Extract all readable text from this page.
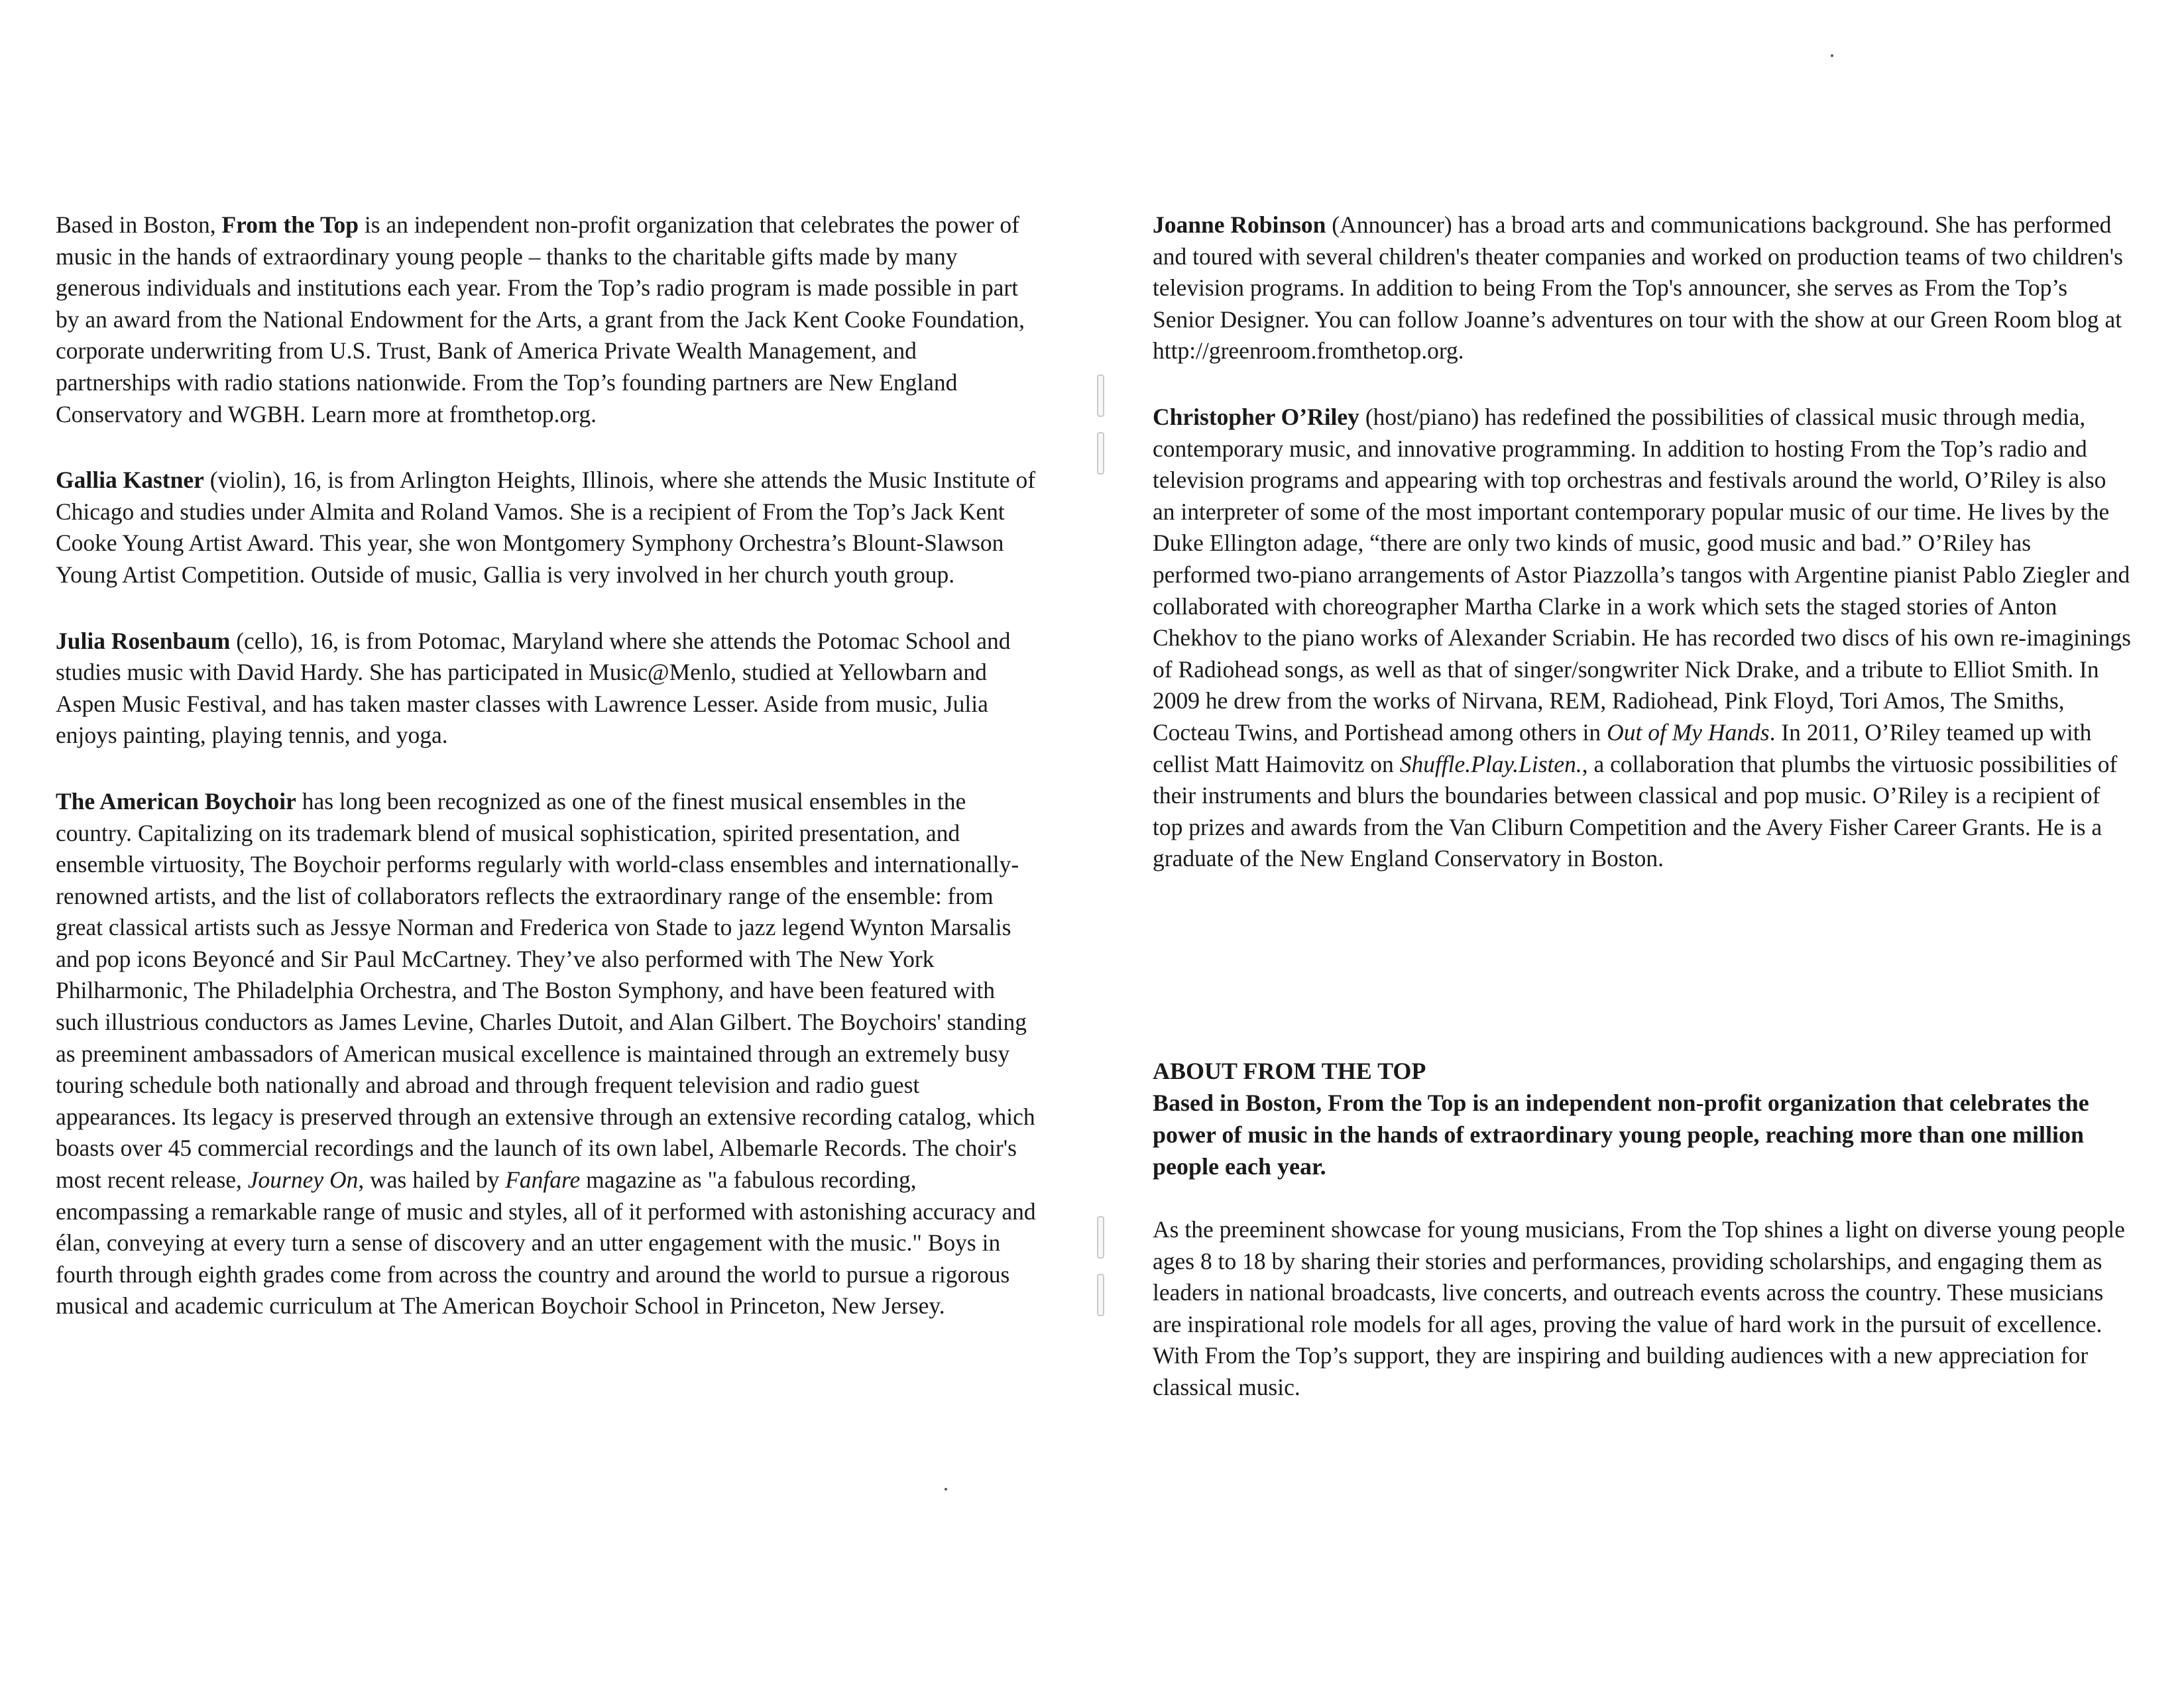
Based in Boston, From the Top is an independent non-profit organization that celebrates the power of music in the hands of extraordinary young people – thanks to the charitable gifts made by many generous individuals and institutions each year. From the Top’s radio program is made possible in part by an award from the National Endowment for the Arts, a grant from the Jack Kent Cooke Foundation, corporate underwriting from U.S. Trust, Bank of America Private Wealth Management, and partnerships with radio stations nationwide. From the Top’s founding partners are New England Conservatory and WGBH. Learn more at fromthetop.org.

Gallia Kastner (violin), 16, is from Arlington Heights, Illinois, where she attends the Music Institute of Chicago and studies under Almita and Roland Vamos. She is a recipient of From the Top’s Jack Kent Cooke Young Artist Award. This year, she won Montgomery Symphony Orchestra’s Blount-Slawson Young Artist Competition. Outside of music, Gallia is very involved in her church youth group.

Julia Rosenbaum (cello), 16, is from Potomac, Maryland where she attends the Potomac School and studies music with David Hardy. She has participated in Music@Menlo, studied at Yellowbarn and Aspen Music Festival, and has taken master classes with Lawrence Lesser. Aside from music, Julia enjoys painting, playing tennis, and yoga.

The American Boychoir has long been recognized as one of the finest musical ensembles in the country. Capitalizing on its trademark blend of musical sophistication, spirited presentation, and ensemble virtuosity, The Boychoir performs regularly with world-class ensembles and internationally-renowned artists, and the list of collaborators reflects the extraordinary range of the ensemble: from great classical artists such as Jessye Norman and Frederica von Stade to jazz legend Wynton Marsalis and pop icons Beyoncé and Sir Paul McCartney. They’ve also performed with The New York Philharmonic, The Philadelphia Orchestra, and The Boston Symphony, and have been featured with such illustrious conductors as James Levine, Charles Dutoit, and Alan Gilbert. The Boychoirs' standing as preeminent ambassadors of American musical excellence is maintained through an extremely busy touring schedule both nationally and abroad and through frequent television and radio guest appearances. Its legacy is preserved through an extensive through an extensive recording catalog, which boasts over 45 commercial recordings and the launch of its own label, Albemarle Records. The choir's most recent release, Journey On, was hailed by Fanfare magazine as "a fabulous recording, encompassing a remarkable range of music and styles, all of it performed with astonishing accuracy and élan, conveying at every turn a sense of discovery and an utter engagement with the music." Boys in fourth through eighth grades come from across the country and around the world to pursue a rigorous musical and academic curriculum at The American Boychoir School in Princeton, New Jersey.

Joanne Robinson (Announcer) has a broad arts and communications background. She has performed and toured with several children's theater companies and worked on production teams of two children's television programs. In addition to being From the Top's announcer, she serves as From the Top’s Senior Designer. You can follow Joanne’s adventures on tour with the show at our Green Room blog at http://greenroom.fromthetop.org.

Christopher O’Riley (host/piano) has redefined the possibilities of classical music through media, contemporary music, and innovative programming. In addition to hosting From the Top’s radio and television programs and appearing with top orchestras and festivals around the world, O’Riley is also an interpreter of some of the most important contemporary popular music of our time. He lives by the Duke Ellington adage, “there are only two kinds of music, good music and bad.” O’Riley has performed two-piano arrangements of Astor Piazzolla’s tangos with Argentine pianist Pablo Ziegler and collaborated with choreographer Martha Clarke in a work which sets the staged stories of Anton Chekhov to the piano works of Alexander Scriabin. He has recorded two discs of his own re-imaginings of Radiohead songs, as well as that of singer/songwriter Nick Drake, and a tribute to Elliot Smith. In 2009 he drew from the works of Nirvana, REM, Radiohead, Pink Floyd, Tori Amos, The Smiths, Cocteau Twins, and Portishead among others in Out of My Hands. In 2011, O’Riley teamed up with cellist Matt Haimovitz on Shuffle.Play.Listen., a collaboration that plumbs the virtuosic possibilities of their instruments and blurs the boundaries between classical and pop music. O’Riley is a recipient of top prizes and awards from the Van Cliburn Competition and the Avery Fisher Career Grants. He is a graduate of the New England Conservatory in Boston.

ABOUT FROM THE TOP

Based in Boston, From the Top is an independent non-profit organization that celebrates the power of music in the hands of extraordinary young people, reaching more than one million people each year.

As the preeminent showcase for young musicians, From the Top shines a light on diverse young people ages 8 to 18 by sharing their stories and performances, providing scholarships, and engaging them as leaders in national broadcasts, live concerts, and outreach events across the country. These musicians are inspirational role models for all ages, proving the value of hard work in the pursuit of excellence. With From the Top’s support, they are inspiring and building audiences with a new appreciation for classical music.
